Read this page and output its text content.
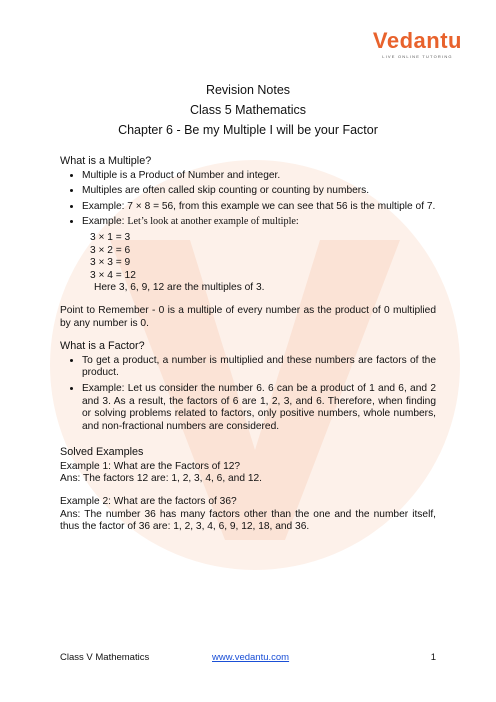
Vedantu
LIVE ONLINE TUTORING
Revision Notes
Class 5 Mathematics
Chapter 6 - Be my Multiple I will be your Factor
What is a Multiple?
• Multiple is a Product of Number and integer.
• Multiples are often called skip counting or counting by numbers.
• Example: 7 × 8 = 56, from this example we can see that 56 is the multiple of 7.
• Example: Let’s look at another example of multiple:
3 × 1 = 3
3 × 2 = 6
3 × 3 = 9
3 × 4 = 12
Here 3, 6, 9, 12 are the multiples of 3.

Point to Remember - 0 is a multiple of every number as the product of 0 multiplied by any number is 0.

What is a Factor?
• To get a product, a number is multiplied and these numbers are factors of the product.
• Example: Let us consider the number 6. 6 can be a product of 1 and 6, and 2 and 3. As a result, the factors of 6 are 1, 2, 3, and 6. Therefore, when finding or solving problems related to factors, only positive numbers, whole numbers, and non-fractional numbers are considered.
Solved Examples

Example 1: What are the Factors of 12?

Ans: The factors 12 are: 1, 2, 3, 4, 6, and 12.

Example 2: What are the factors of 36?

Ans: The number 36 has many factors other than the one and the number itself, thus the factor of 36 are: 1, 2, 3, 4, 6, 9, 12, 18, and 36.

Class V Mathematics	www.vedantu.com	1
